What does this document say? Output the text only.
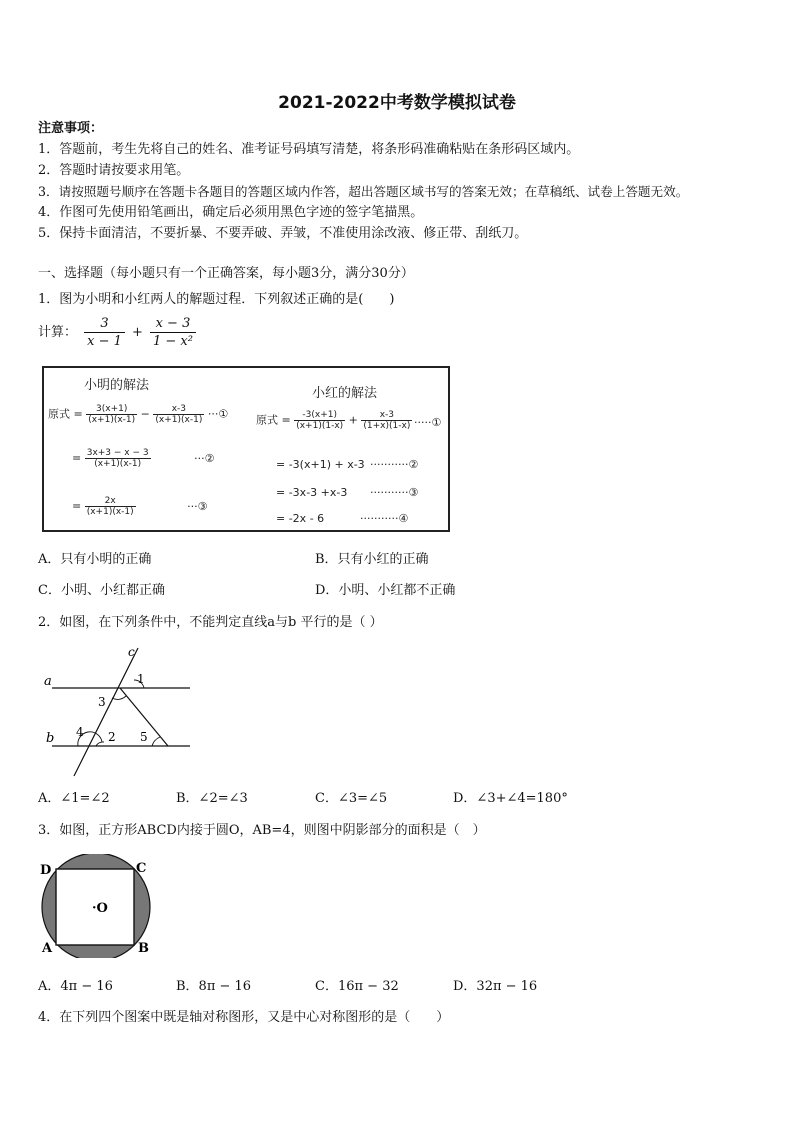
2021-2022中考数学模拟试卷
注意事项：
1．答题前，考生先将自己的姓名、准考证号码填写清楚，将条形码准确粘贴在条形码区域内。
2．答题时请按要求用笔。
3．请按照题号顺序在答题卡各题目的答题区域内作答，超出答题区域书写的答案无效；在草稿纸、试卷上答题无效。
4．作图可先使用铅笔画出，确定后必须用黑色字迹的签字笔描黑。
5．保持卡面清洁，不要折暴、不要弄破、弄皱，不准使用涂改液、修正带、刮纸刀。
一、选择题（每小题只有一个正确答案，每小题3分，满分30分）
1．图为小明和小红两人的解题过程．下列叙述正确的是(　　)
计算： $\frac{3}{x - 1} + \frac{x - 3}{\text{1 − x²}}$
小明的解法
原式 = $\frac{3(x+1)}{(x+1)(x-1)} - \frac{x-3}{(x+1)(x-1)}$ ···①
= $\frac{3x+3 - x - 3}{(x+1)(x-1)}$	···②
= $\frac{2x}{(x+1)(x-1)}$	···③
小红的解法
原式 = $\frac{-3(x+1)}{(x+1)(1-x)} + \frac{x-3}{(1+x)(1-x)}$ ·····①
= -3(x+1) + x-3 ···········②
= -3x-3 +x-3 ···········③
= -2x - 6	···········④
A．只有小明的正确	B．只有小红的正确
C．小明、小红都正确	D．小明、小红都不正确
2．如图，在下列条件中，不能判定直线a与b 平行的是（ ）
a
b
c
1
3
4 2 5
A．∠1=∠2	B．∠2=∠3	C．∠3=∠5	D．∠3+∠4=180°
3．如图，正方形ABCD内接于圆O，AB=4，则图中阴影部分的面积是（　）
D	C
A	B
·O
A．4π − 16	B．8π − 16	C．16π − 32	D．32π − 16
4．在下列四个图案中既是轴对称图形，又是中心对称图形的是（　　）
